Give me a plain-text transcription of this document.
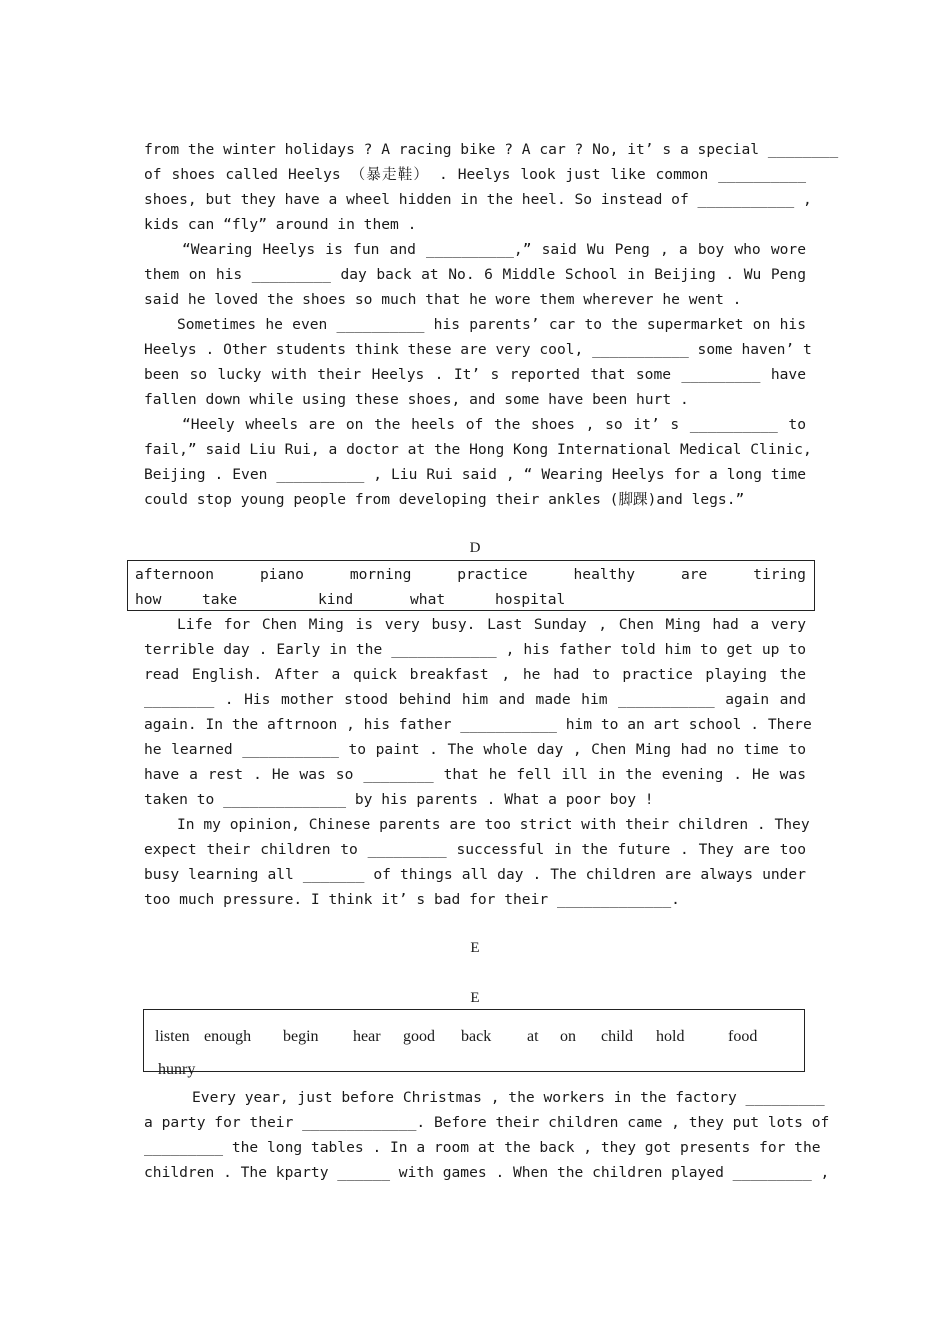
from the winter holidays ? A racing bike ? A car ? No, it’ s a special ________
of shoes called Heelys （暴走鞋） . Heelys look just like common __________
shoes, but they have a wheel hidden in the heel. So instead of ___________ ,
kids can “fly” around in them .
“Wearing Heelys is fun and __________,” said Wu Peng , a boy who wore
them on his _________ day back at No. 6 Middle School in Beijing . Wu Peng
said he loved the shoes so much that he wore them wherever he went .
Sometimes he even __________ his parents’ car to the supermarket on his
Heelys . Other students think these are very cool, ___________ some haven’ t
been so lucky with their Heelys . It’ s reported that some _________ have
fallen down while using these shoes, and some have been hurt .
“Heely wheels are on the heels of the shoes , so it’ s __________ to
fail,” said Liu Rui, a doctor at the Hong Kong International Medical Clinic,
Beijing . Even __________ , Liu Rui said , “ Wearing Heelys for a long time
could stop young people from developing their ankles (脚踝)and legs.”
D
afternoon	piano	morning	practice	healthy	are	tiring
how	take	kind	what	hospital
Life for Chen Ming is very busy. Last Sunday , Chen Ming had a very
terrible day . Early in the ____________ , his father told him to get up to
read English. After a quick breakfast , he had to practice playing the
________ . His mother stood behind him and made him ___________ again and
again. In the aftrnoon , his father ___________ him to an art school . There
he learned ___________ to paint . The whole day , Chen Ming had no time to
have a rest . He was so ________ that he fell ill in the evening . He was
taken to ______________ by his parents . What a poor boy !
In my opinion, Chinese parents are too strict with their children . They
expect their children to _________ successful in the future . They are too
busy learning all _______ of things all day . The children are always under
too much pressure. I think it’ s bad for their _____________.
E
E
listen enough begin hear good back at on child hold	food
hunry
Every year, just before Christmas , the workers in the factory _________
a party for their _____________. Before their children came , they put lots of
_________ the long tables . In a room at the back , they got presents for the
children . The kparty ______ with games . When the children played _________ ,
